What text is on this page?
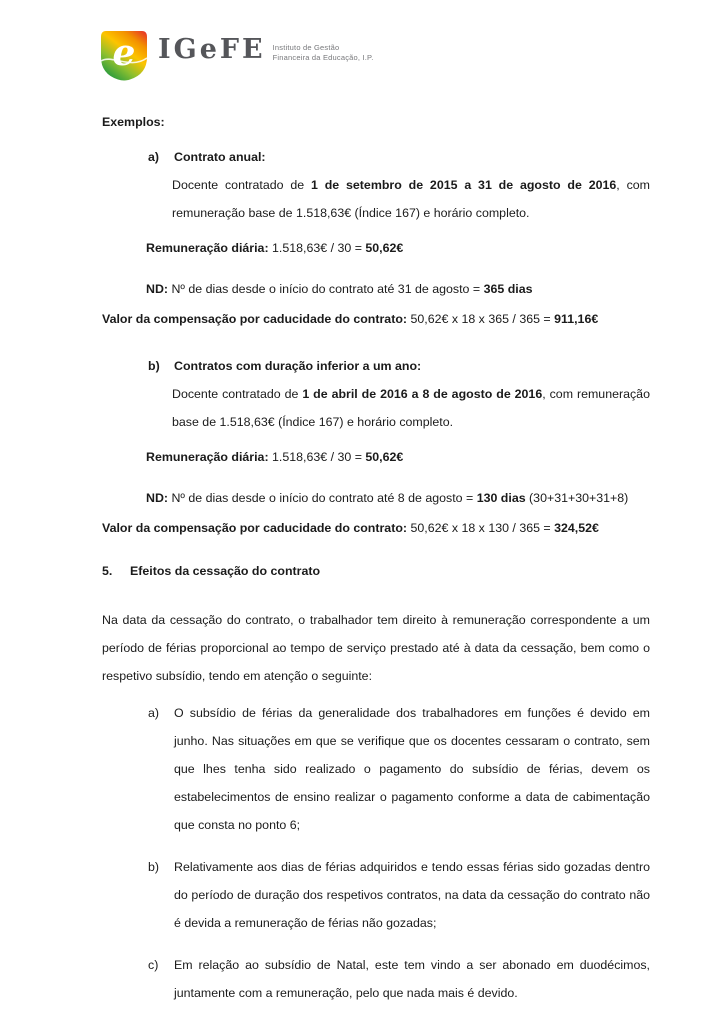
e IGeFE Instituto de Gestão
Financeira da Educação, I.P.
Exemplos:
a)	Contrato anual:
Docente contratado de 1 de setembro de 2015 a 31 de agosto de 2016, com remuneração base de 1.518,63€ (Índice 167) e horário completo.
Remuneração diária: 1.518,63€ / 30 = 50,62€
ND: Nº de dias desde o início do contrato até 31 de agosto = 365 dias
Valor da compensação por caducidade do contrato: 50,62€ x 18 x 365 / 365 = 911,16€
b)	Contratos com duração inferior a um ano:
Docente contratado de 1 de abril de 2016 a 8 de agosto de 2016, com remuneração base de 1.518,63€ (Índice 167) e horário completo.
Remuneração diária: 1.518,63€ / 30 = 50,62€
ND: Nº de dias desde o início do contrato até 8 de agosto = 130 dias (30+31+30+31+8)
Valor da compensação por caducidade do contrato: 50,62€ x 18 x 130 / 365 = 324,52€
5.	Efeitos da cessação do contrato
Na data da cessação do contrato, o trabalhador tem direito à remuneração correspondente a um período de férias proporcional ao tempo de serviço prestado até à data da cessação, bem como o respetivo subsídio, tendo em atenção o seguinte:
a)	O subsídio de férias da generalidade dos trabalhadores em funções é devido em junho. Nas situações em que se verifique que os docentes cessaram o contrato, sem que lhes tenha sido realizado o pagamento do subsídio de férias, devem os estabelecimentos de ensino realizar o pagamento conforme a data de cabimentação que consta no ponto 6;
b)	Relativamente aos dias de férias adquiridos e tendo essas férias sido gozadas dentro do período de duração dos respetivos contratos, na data da cessação do contrato não é devida a remuneração de férias não gozadas;
c)	Em relação ao subsídio de Natal, este tem vindo a ser abonado em duodécimos, juntamente com a remuneração, pelo que nada mais é devido.
